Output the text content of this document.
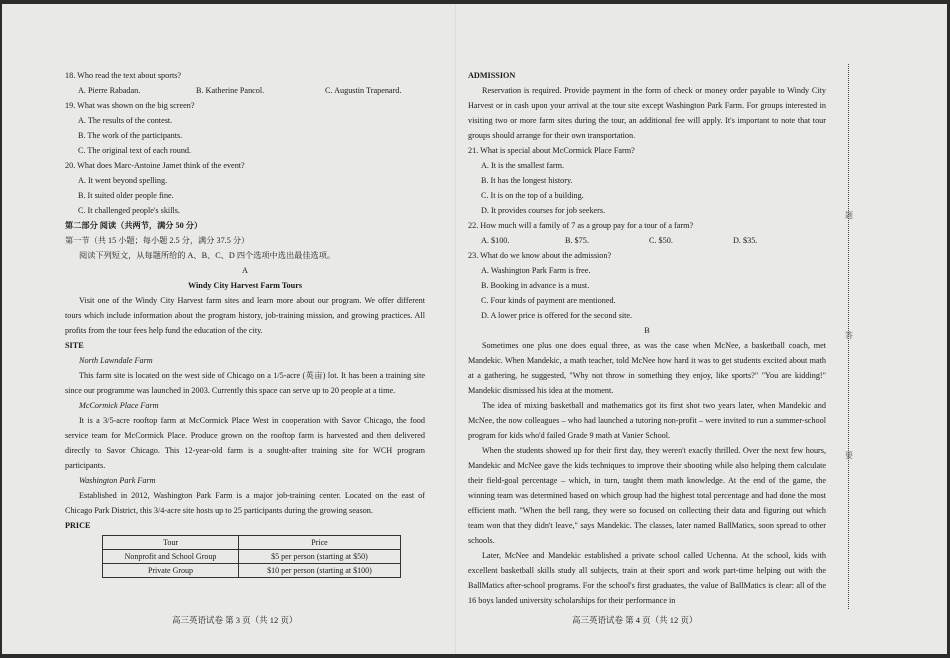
18. Who read the text about sports?
A. Pierre Rabadan.	B. Katherine Pancol.	C. Augustin Trapenard.
19. What was shown on the big screen?
A. The results of the contest.
B. The work of the participants.
C. The original text of each round.
20. What does Marc-Antoine Jamet think of the event?
A. It went beyond spelling.
B. It suited older people fine.
C. It challenged people's skills.
第二部分 阅读（共两节，满分 50 分）
第一节（共 15 小题；每小题 2.5 分，满分 37.5 分）
阅读下列短文，从每题所给的 A、B、C、D 四个选项中选出最佳选项。
A
Windy City Harvest Farm Tours
Visit one of the Windy City Harvest farm sites and learn more about our program. We offer different tours which include information about the program history, job-training mission, and growing practices. All profits from the tour fees help fund the education of the city.
SITE
North Lawndale Farm
This farm site is located on the west side of Chicago on a 1/5-acre (英亩) lot. It has been a training site since our programme was launched in 2003. Currently this space can serve up to 20 people at a time.
McCormick Place Farm
It is a 3/5-acre rooftop farm at McCormick Place West in cooperation with Savor Chicago, the food service team for McCormick Place. Produce grown on the rooftop farm is harvested and then delivered directly to Savor Chicago. This 12-year-old farm is a sought-after training site for WCH program participants.
Washington Park Farm
Established in 2012, Washington Park Farm is a major job-training center. Located on the east of Chicago Park District, this 3/4-acre site hosts up to 25 participants during the growing season.
PRICE
Tour	Price
Nonprofit and School Group	$5 per person (starting at $50)
Private Group	$10 per person (starting at $100)
高三英语试卷 第 3 页（共 12 页）
ADMISSION
Reservation is required. Provide payment in the form of check or money order payable to Windy City Harvest or in cash upon your arrival at the tour site except Washington Park Farm. For groups interested in visiting two or more farm sites during the tour, an additional fee will apply. It's important to note that tour groups should arrange for their own transportation.
21. What is special about McCormick Place Farm?
A. It is the smallest farm.
B. It has the longest history.
C. It is on the top of a building.
D. It provides courses for job seekers.
22. How much will a family of 7 as a group pay for a tour of a farm?
A. $100.	B. $75.	C. $50.	D. $35.
23. What do we know about the admission?
A. Washington Park Farm is free.
B. Booking in advance is a must.
C. Four kinds of payment are mentioned.
D. A lower price is offered for the second site.
B
Sometimes one plus one does equal three, as was the case when McNee, a basketball coach, met Mandekic. When Mandekic, a math teacher, told McNee how hard it was to get students excited about math at a gathering, he suggested, "Why not throw in something they enjoy, like sports?" "You are kidding!" Mandekic dismissed his idea at the moment.
The idea of mixing basketball and mathematics got its first shot two years later, when Mandekic and McNee, the now colleagues – who had launched a tutoring non-profit – were invited to run a summer-school program for kids who'd failed Grade 9 math at Vanier School.
When the students showed up for their first day, they weren't exactly thrilled. Over the next few hours, Mandekic and McNee gave the kids techniques to improve their shooting while also helping them calculate their field-goal percentage – which, in turn, taught them math knowledge. At the end of the game, the winning team was determined based on which group had the highest total percentage and had done the most efficient math. "When the bell rang, they were so focused on collecting their data and figuring out which team won that they didn't leave," says Mandekic. The classes, later named BallMatics, soon spread to other schools.
Later, McNee and Mandekic established a private school called Uchenna. At the school, kids with excellent basketball skills study all subjects, train at their sport and work part-time helping out with the BallMatics after-school programs. For the school's first graduates, the value of BallMatics is clear: all of the 16 boys landed university scholarships for their performance in
高三英语试卷 第 4 页（共 12 页）
题
答
要
